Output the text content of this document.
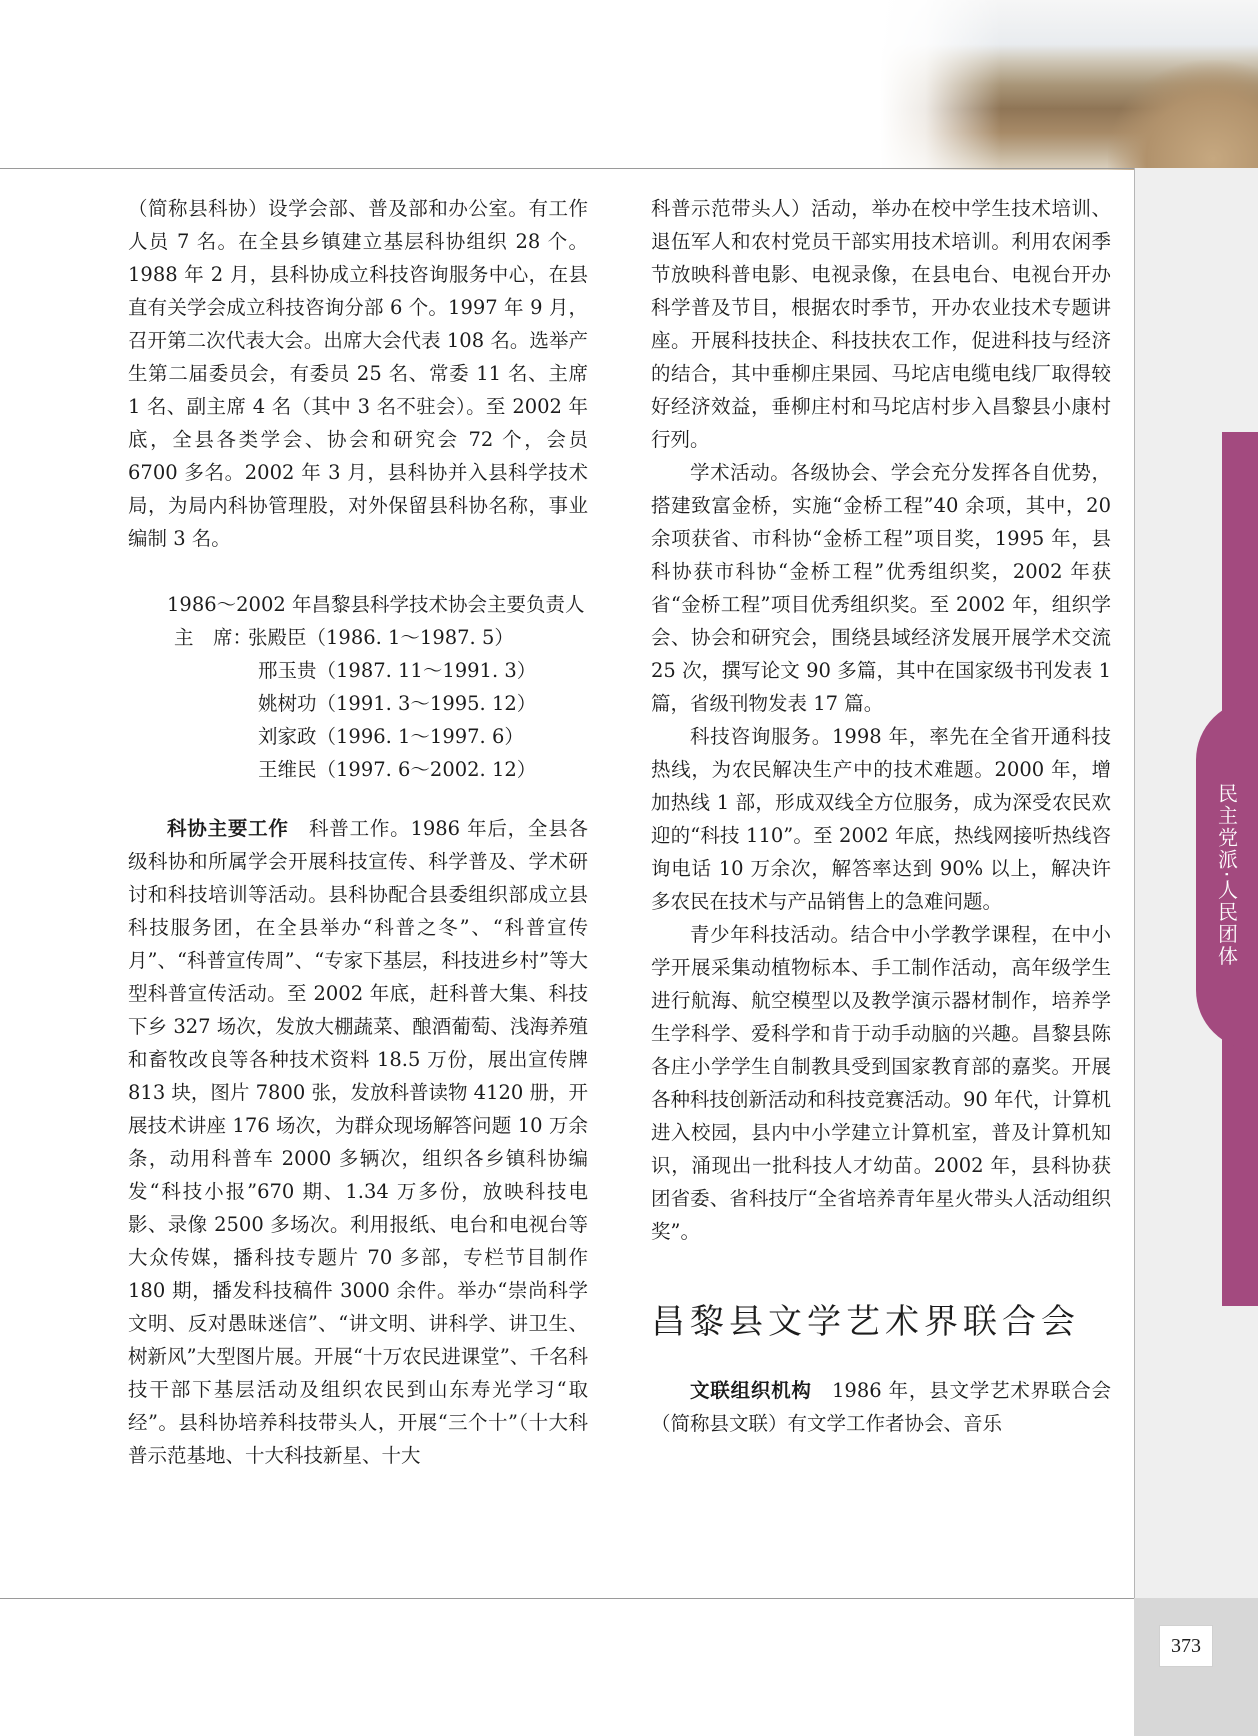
民主党派·人民团体
373

（简称县科协）设学会部、普及部和办公室。有工作人员 7 名。在全县乡镇建立基层科协组织 28 个。1988 年 2 月，县科协成立科技咨询服务中心，在县直有关学会成立科技咨询分部 6 个。1997 年 9 月，召开第二次代表大会。出席大会代表 108 名。选举产生第二届委员会，有委员 25 名、常委 11 名、主席 1 名、副主席 4 名（其中 3 名不驻会）。至 2002 年底，全县各类学会、协会和研究会 72 个，会员 6700 多名。2002 年 3 月，县科协并入县科学技术局，为局内科协管理股，对外保留县科协名称，事业编制 3 名。

1986～2002 年昌黎县科学技术协会主要负责人

主　席：
张殿臣（1986. 1～1987. 5）
邢玉贵（1987. 11～1991. 3）
姚树功（1991. 3～1995. 12）
刘家政（1996. 1～1997. 6）
王维民（1997. 6～2002. 12）

科协主要工作　科普工作。1986 年后，全县各级科协和所属学会开展科技宣传、科学普及、学术研讨和科技培训等活动。县科协配合县委组织部成立县科技服务团，在全县举办“科普之冬”、“科普宣传月”、“科普宣传周”、“专家下基层，科技进乡村”等大型科普宣传活动。至 2002 年底，赶科普大集、科技下乡 327 场次，发放大棚蔬菜、酿酒葡萄、浅海养殖和畜牧改良等各种技术资料 18.5 万份，展出宣传牌 813 块，图片 7800 张，发放科普读物 4120 册，开展技术讲座 176 场次，为群众现场解答问题 10 万余条，动用科普车 2000 多辆次，组织各乡镇科协编发“科技小报”670 期、1.34 万多份，放映科技电影、录像 2500 多场次。利用报纸、电台和电视台等大众传媒，播科技专题片 70 多部，专栏节目制作 180 期，播发科技稿件 3000 余件。举办“崇尚科学文明、反对愚昧迷信”、“讲文明、讲科学、讲卫生、树新风”大型图片展。开展“十万农民进课堂”、千名科技干部下基层活动及组织农民到山东寿光学习“取经”。县科协培养科技带头人，开展“三个十”（十大科普示范基地、十大科技新星、十大

科普示范带头人）活动，举办在校中学生技术培训、退伍军人和农村党员干部实用技术培训。利用农闲季节放映科普电影、电视录像，在县电台、电视台开办科学普及节目，根据农时季节，开办农业技术专题讲座。开展科技扶企、科技扶农工作，促进科技与经济的结合，其中垂柳庄果园、马坨店电缆电线厂取得较好经济效益，垂柳庄村和马坨店村步入昌黎县小康村行列。

学术活动。各级协会、学会充分发挥各自优势，搭建致富金桥，实施“金桥工程”40 余项，其中，20 余项获省、市科协“金桥工程”项目奖，1995 年，县科协获市科协“金桥工程”优秀组织奖，2002 年获省“金桥工程”项目优秀组织奖。至 2002 年，组织学会、协会和研究会，围绕县域经济发展开展学术交流 25 次，撰写论文 90 多篇，其中在国家级书刊发表 1 篇，省级刊物发表 17 篇。

科技咨询服务。1998 年，率先在全省开通科技热线，为农民解决生产中的技术难题。2000 年，增加热线 1 部，形成双线全方位服务，成为深受农民欢迎的“科技 110”。至 2002 年底，热线网接听热线咨询电话 10 万余次，解答率达到 90% 以上，解决许多农民在技术与产品销售上的急难问题。

青少年科技活动。结合中小学教学课程，在中小学开展采集动植物标本、手工制作活动，高年级学生进行航海、航空模型以及教学演示器材制作，培养学生学科学、爱科学和肯于动手动脑的兴趣。昌黎县陈各庄小学学生自制教具受到国家教育部的嘉奖。开展各种科技创新活动和科技竞赛活动。90 年代，计算机进入校园，县内中小学建立计算机室，普及计算机知识，涌现出一批科技人才幼苗。2002 年，县科协获团省委、省科技厅“全省培养青年星火带头人活动组织奖”。

昌黎县文学艺术界联合会

文联组织机构　1986 年，县文学艺术界联合会（简称县文联）有文学工作者协会、音乐
